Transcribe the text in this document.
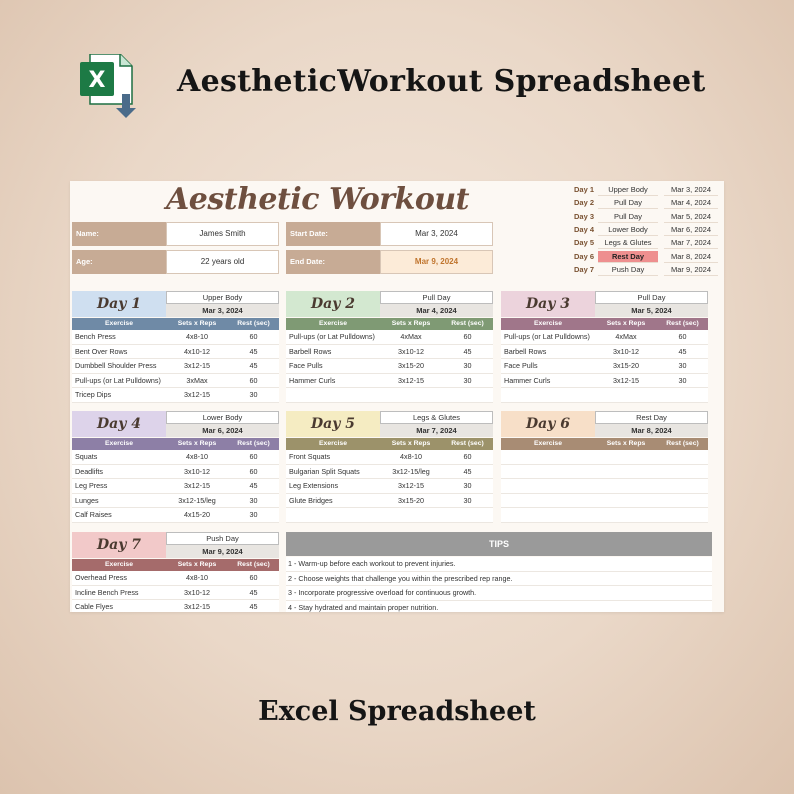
X AestheticWorkout Spreadsheet
Aesthetic Workout
Name:	James Smith
Age:	22 years old
Start Date:	Mar 3, 2024
End Date:	Mar 9, 2024
Day 1	Upper Body	Mar 3, 2024
Day 2	Pull Day	Mar 4, 2024
Day 3	Pull Day	Mar 5, 2024
Day 4	Lower Body	Mar 6, 2024
Day 5	Legs & Glutes	Mar 7, 2024
Day 6	Rest Day	Mar 8, 2024
Day 7	Push Day	Mar 9, 2024
Day 1	Upper Body
Mar 3, 2024
Exercise	Sets x Reps	Rest (sec)
Bench Press	4x8-10	60
Bent Over Rows	4x10-12	45
Dumbbell Shoulder Press	3x12-15	45
Pull-ups (or Lat Pulldowns)	3xMax	60
Tricep Dips	3x12-15	30
Day 2	Pull Day
Mar 4, 2024
Exercise	Sets x Reps	Rest (sec)
Pull-ups (or Lat Pulldowns)	4xMax	60
Barbell Rows	3x10-12	45
Face Pulls	3x15-20	30
Hammer Curls	3x12-15	30
Day 3	Pull Day
Mar 5, 2024
Exercise	Sets x Reps	Rest (sec)
Pull-ups (or Lat Pulldowns)	4xMax	60
Barbell Rows	3x10-12	45
Face Pulls	3x15-20	30
Hammer Curls	3x12-15	30
Day 4	Lower Body
Mar 6, 2024
Exercise	Sets x Reps	Rest (sec)
Squats	4x8-10	60
Deadlifts	3x10-12	60
Leg Press	3x12-15	45
Lunges	3x12-15/leg	30
Calf Raises	4x15-20	30
Day 5	Legs & Glutes
Mar 7, 2024
Exercise	Sets x Reps	Rest (sec)
Front Squats	4x8-10	60
Bulgarian Split Squats	3x12-15/leg	45
Leg Extensions	3x12-15	30
Glute Bridges	3x15-20	30
Day 6	Rest Day
Mar 8, 2024
Exercise	Sets x Reps	Rest (sec)
Day 7	Push Day
Mar 9, 2024
Exercise	Sets x Reps	Rest (sec)
Overhead Press	4x8-10	60
Incline Bench Press	3x10-12	45
Cable Flyes	3x12-15	45
TIPS
1 - Warm-up before each workout to prevent injuries.
2 - Choose weights that challenge you within the prescribed rep range.
3 - Incorporate progressive overload for continuous growth.
4 - Stay hydrated and maintain proper nutrition.
Excel Spreadsheet
